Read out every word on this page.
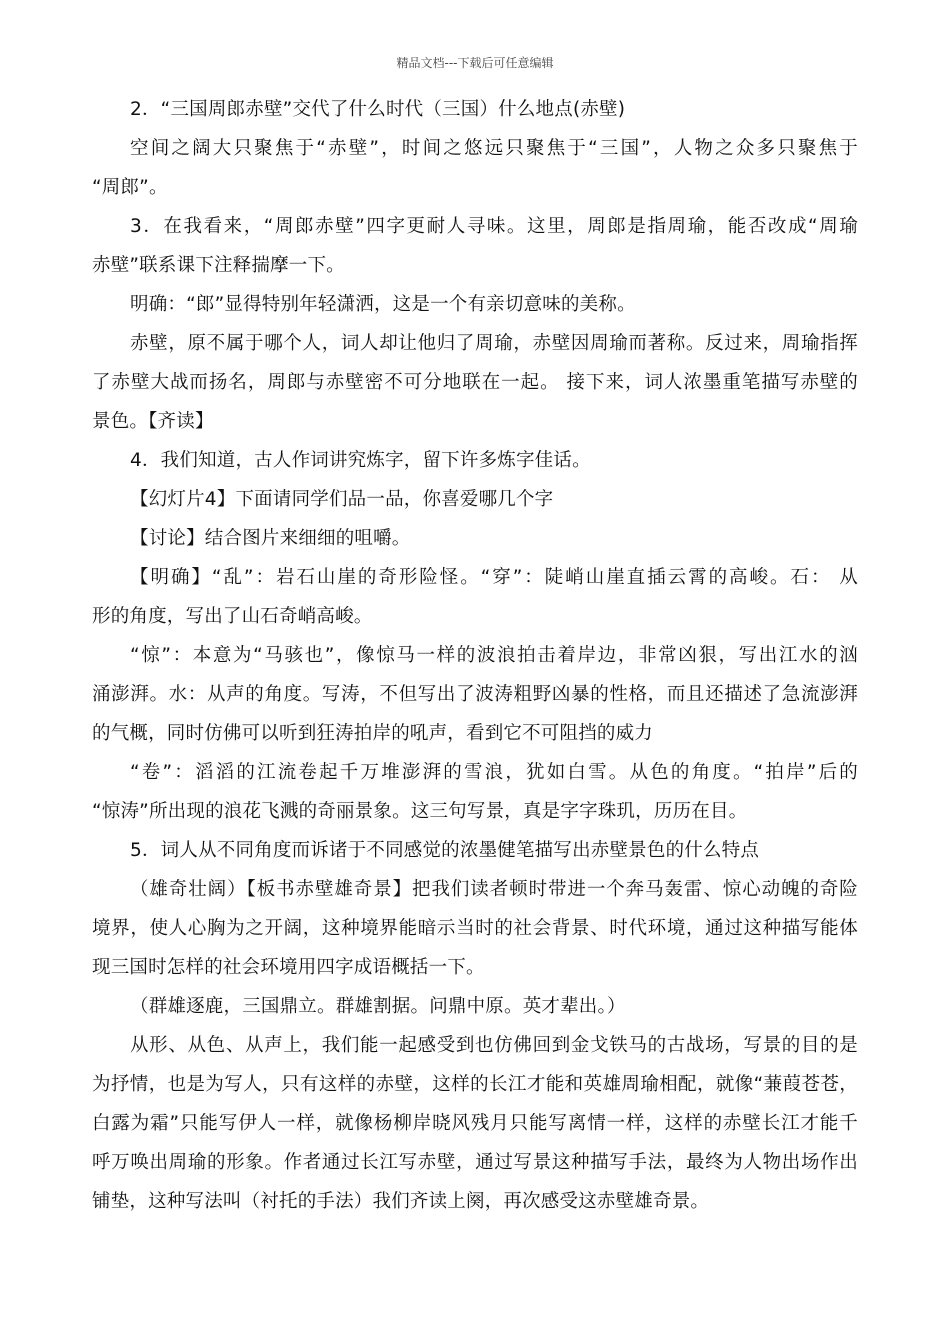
精品文档---下载后可任意编辑
2．“三国周郎赤壁”交代了什么时代（三国）什么地点(赤壁)
空间之阔大只聚焦于“赤壁”，时间之悠远只聚焦于“三国”，人物之众多只聚焦于
“周郎”。
3．在我看来，“周郎赤壁”四字更耐人寻味。这里，周郎是指周瑜，能否改成“周瑜
赤壁”联系课下注释揣摩一下。
明确：“郎”显得特别年轻潇洒，这是一个有亲切意味的美称。
赤壁，原不属于哪个人，词人却让他归了周瑜，赤壁因周瑜而著称。反过来，周瑜指挥
了赤壁大战而扬名，周郎与赤壁密不可分地联在一起。 接下来，词人浓墨重笔描写赤壁的
景色。【齐读】
4．我们知道，古人作词讲究炼字，留下许多炼字佳话。
【幻灯片4】下面请同学们品一品，你喜爱哪几个字
【讨论】结合图片来细细的咀嚼。
【明确】“乱”：岩石山崖的奇形险怪。“穿”：陡峭山崖直插云霄的高峻。石： 从
形的角度，写出了山石奇峭高峻。
“惊”：本意为“马骇也”，像惊马一样的波浪拍击着岸边，非常凶狠，写出江水的汹
涌澎湃。水：从声的角度。写涛，不但写出了波涛粗野凶暴的性格，而且还描述了急流澎湃
的气概，同时仿佛可以听到狂涛拍岸的吼声，看到它不可阻挡的威力
“卷”：滔滔的江流卷起千万堆澎湃的雪浪，犹如白雪。从色的角度。“拍岸”后的
“惊涛”所出现的浪花飞溅的奇丽景象。这三句写景，真是字字珠玑，历历在目。
5．词人从不同角度而诉诸于不同感觉的浓墨健笔描写出赤壁景色的什么特点
（雄奇壮阔）【板书赤壁雄奇景】把我们读者顿时带进一个奔马轰雷、惊心动魄的奇险
境界，使人心胸为之开阔，这种境界能暗示当时的社会背景、时代环境，通过这种描写能体
现三国时怎样的社会环境用四字成语概括一下。
（群雄逐鹿，三国鼎立。群雄割据。问鼎中原。英才辈出。）
从形、从色、从声上，我们能一起感受到也仿佛回到金戈铁马的古战场，写景的目的是
为抒情，也是为写人，只有这样的赤壁，这样的长江才能和英雄周瑜相配，就像“蒹葭苍苍，
白露为霜”只能写伊人一样，就像杨柳岸晓风残月只能写离情一样，这样的赤壁长江才能千
呼万唤出周瑜的形象。作者通过长江写赤壁，通过写景这种描写手法，最终为人物出场作出
铺垫，这种写法叫（衬托的手法）我们齐读上阕，再次感受这赤壁雄奇景。
